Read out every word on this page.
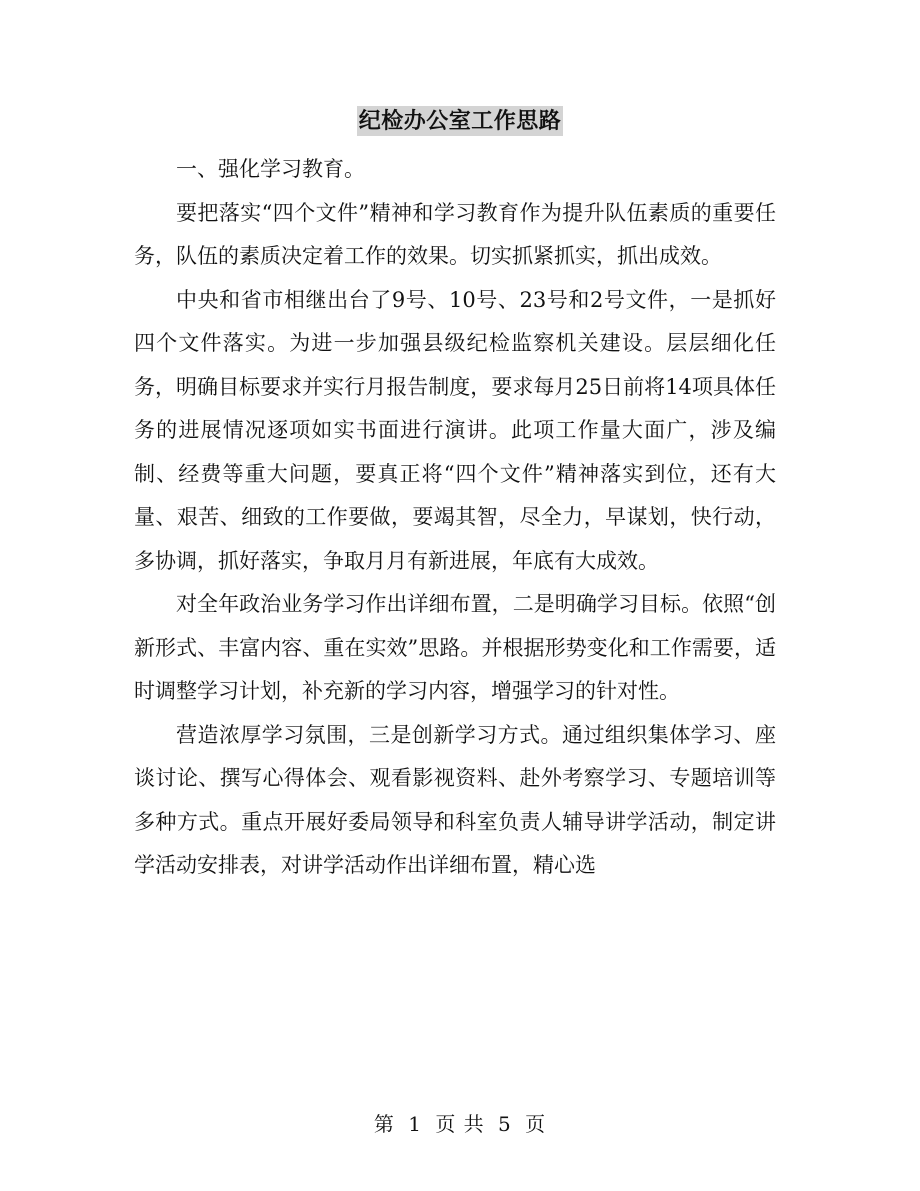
纪检办公室工作思路

一、强化学习教育。

要把落实“四个文件”精神和学习教育作为提升队伍素质的重要任务，队伍的素质决定着工作的效果。切实抓紧抓实，抓出成效。

中央和省市相继出台了9号、10号、23号和2号文件，一是抓好四个文件落实。为进一步加强县级纪检监察机关建设。层层细化任务，明确目标要求并实行月报告制度，要求每月25日前将14项具体任务的进展情况逐项如实书面进行演讲。此项工作量大面广，涉及编制、经费等重大问题，要真正将“四个文件”精神落实到位，还有大量、艰苦、细致的工作要做，要竭其智，尽全力，早谋划，快行动，多协调，抓好落实，争取月月有新进展，年底有大成效。

对全年政治业务学习作出详细布置，二是明确学习目标。依照“创新形式、丰富内容、重在实效”思路。并根据形势变化和工作需要，适时调整学习计划，补充新的学习内容，增强学习的针对性。

营造浓厚学习氛围，三是创新学习方式。通过组织集体学习、座谈讨论、撰写心得体会、观看影视资料、赴外考察学习、专题培训等多种方式。重点开展好委局领导和科室负责人辅导讲学活动，制定讲学活动安排表，对讲学活动作出详细布置，精心选

第 1 页 共 5 页
